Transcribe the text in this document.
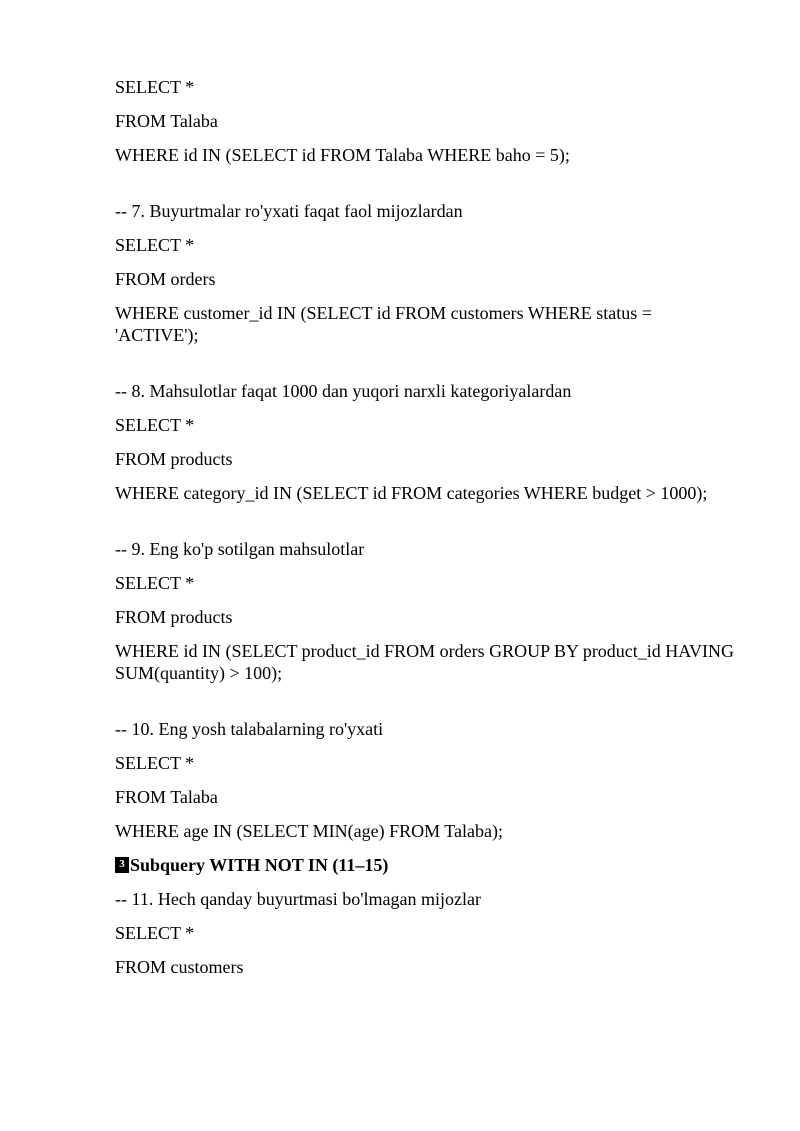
SELECT *
FROM Talaba
WHERE id IN (SELECT id FROM Talaba WHERE baho = 5);
-- 7. Buyurtmalar ro'yxati faqat faol mijozlardan
SELECT *
FROM orders
WHERE customer_id IN (SELECT id FROM customers WHERE status = 'ACTIVE');
-- 8. Mahsulotlar faqat 1000 dan yuqori narxli kategoriyalardan
SELECT *
FROM products
WHERE category_id IN (SELECT id FROM categories WHERE budget > 1000);
-- 9. Eng ko'p sotilgan mahsulotlar
SELECT *
FROM products
WHERE id IN (SELECT product_id FROM orders GROUP BY product_id HAVING SUM(quantity) > 100);
-- 10. Eng yosh talabalarning ro'yxati
SELECT *
FROM Talaba
WHERE age IN (SELECT MIN(age) FROM Talaba);
3 Subquery WITH NOT IN (11–15)
-- 11. Hech qanday buyurtmasi bo'lmagan mijozlar
SELECT *
FROM customers
